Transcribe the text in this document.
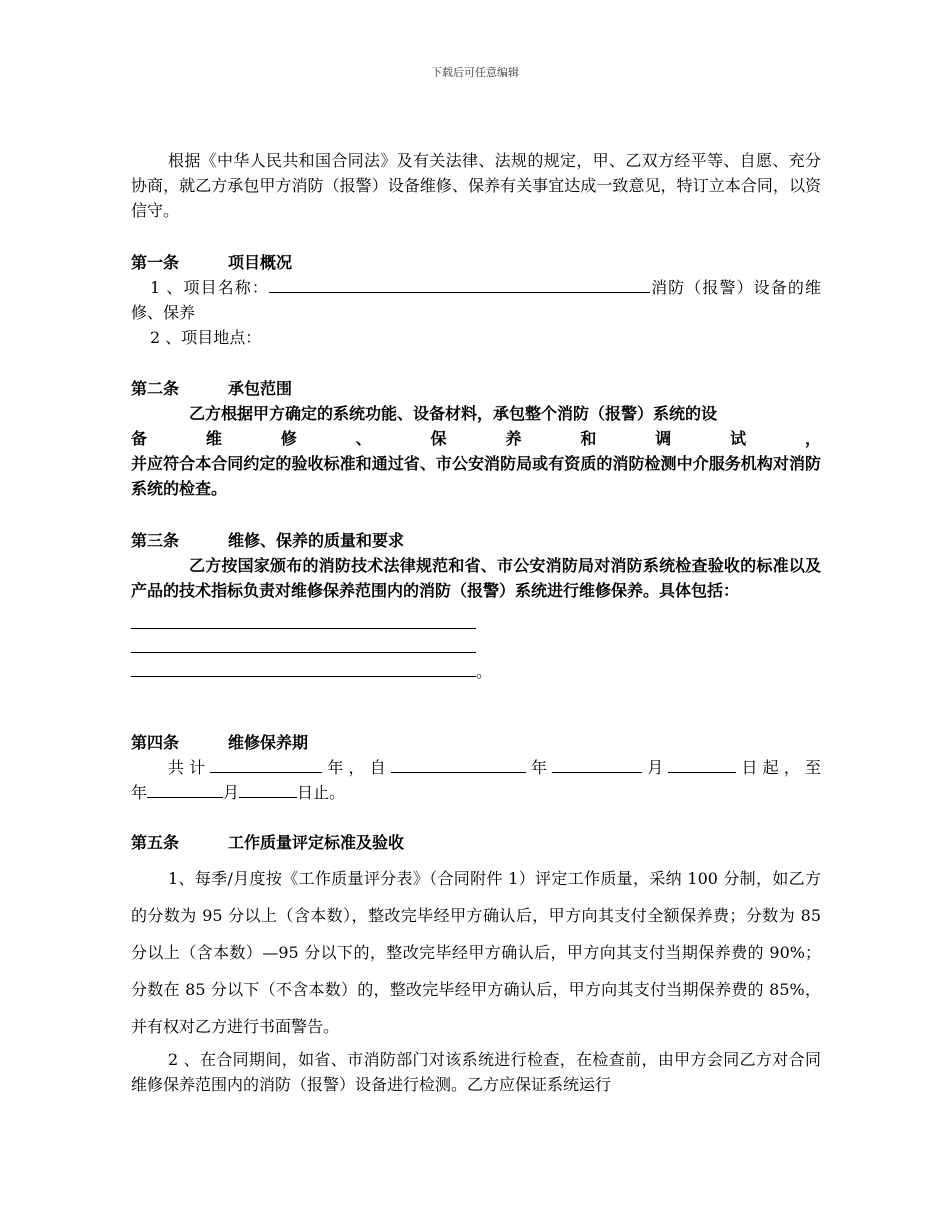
下载后可任意编辑

根据《中华人民共和国合同法》及有关法律、法规的规定，甲、乙双方经平等、自愿、充分协商，就乙方承包甲方消防（报警）设备维修、保养有关事宜达成一致意见，特订立本合同，以资信守。

第一条	项目概况

1 、项目名称：	消防（报警）设备的维修、保养

2 、项目地点：

第二条	承包范围

乙方根据甲方确定的系统功能、设备材料，承包整个消防（报警）系统的设

备 维 修 、 保 养 和 调 试 ，

并应符合本合同约定的验收标准和通过省、市公安消防局或有资质的消防检测中介服务机构对消防系统的检查。

第三条	维修、保养的质量和要求

乙方按国家颁布的消防技术法律规范和省、市公安消防局对消防系统检查验收的标准以及产品的技术指标负责对维修保养范围内的消防（报警）系统进行维修保养。具体包括：

。

第四条	维修保养期

共计	年，自	年	月	日起，至

年	月	日止。

第五条	工作质量评定标准及验收

1、每季/月度按《工作质量评分表》（合同附件 1）评定工作质量，采纳 100 分制，如乙方的分数为 95 分以上（含本数），整改完毕经甲方确认后，甲方向其支付全额保养费；分数为 85 分以上（含本数）—95 分以下的，整改完毕经甲方确认后，甲方向其支付当期保养费的 90%；分数在 85 分以下（不含本数）的，整改完毕经甲方确认后，甲方向其支付当期保养费的 85%，并有权对乙方进行书面警告。

2 、在合同期间，如省、市消防部门对该系统进行检查，在检查前，由甲方会同乙方对合同维修保养范围内的消防（报警）设备进行检测。乙方应保证系统运行
